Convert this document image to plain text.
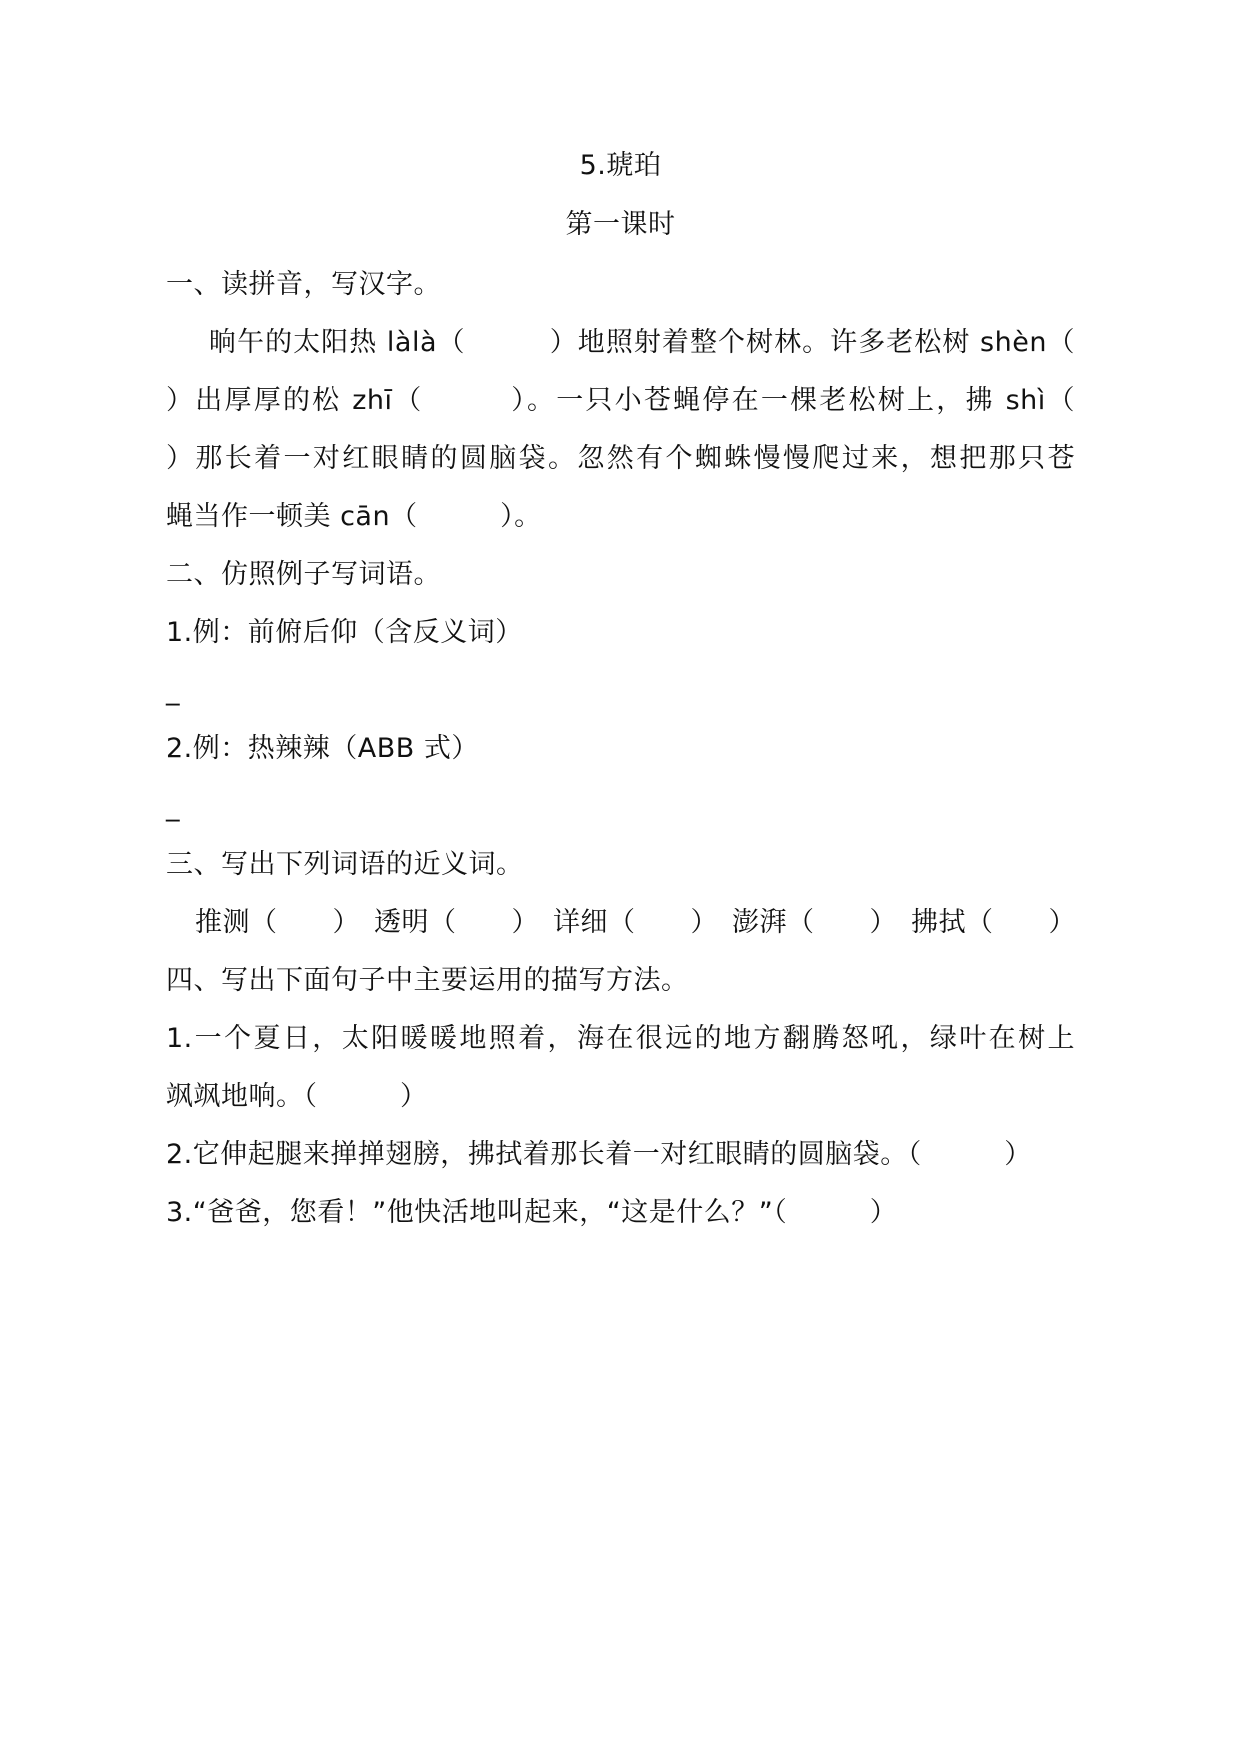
5.琥珀
第一课时
一、读拼音，写汉字。
晌午的太阳热 làlà（　　　）地照射着整个树林。许多老松树 shèn（
）出厚厚的松 zhī（　　　）。一只小苍蝇停在一棵老松树上，拂 shì（
）那长着一对红眼睛的圆脑袋。忽然有个蜘蛛慢慢爬过来，想把那只苍
蝇当作一顿美 cān（　　　）。
二、仿照例子写词语。
1.例：前俯后仰（含反义词）
_
2.例：热辣辣（ABB 式）
_
三、写出下列词语的近义词。
推测（　　）　透明（　　）　详细（　　）　澎湃（　　）　拂拭（　　）
四、写出下面句子中主要运用的描写方法。
1.一个夏日，太阳暖暖地照着，海在很远的地方翻腾怒吼，绿叶在树上
飒飒地响。（　　　）
2.它伸起腿来掸掸翅膀，拂拭着那长着一对红眼睛的圆脑袋。（　　　）
3.“爸爸，您看！”他快活地叫起来，“这是什么？”（　　　）
